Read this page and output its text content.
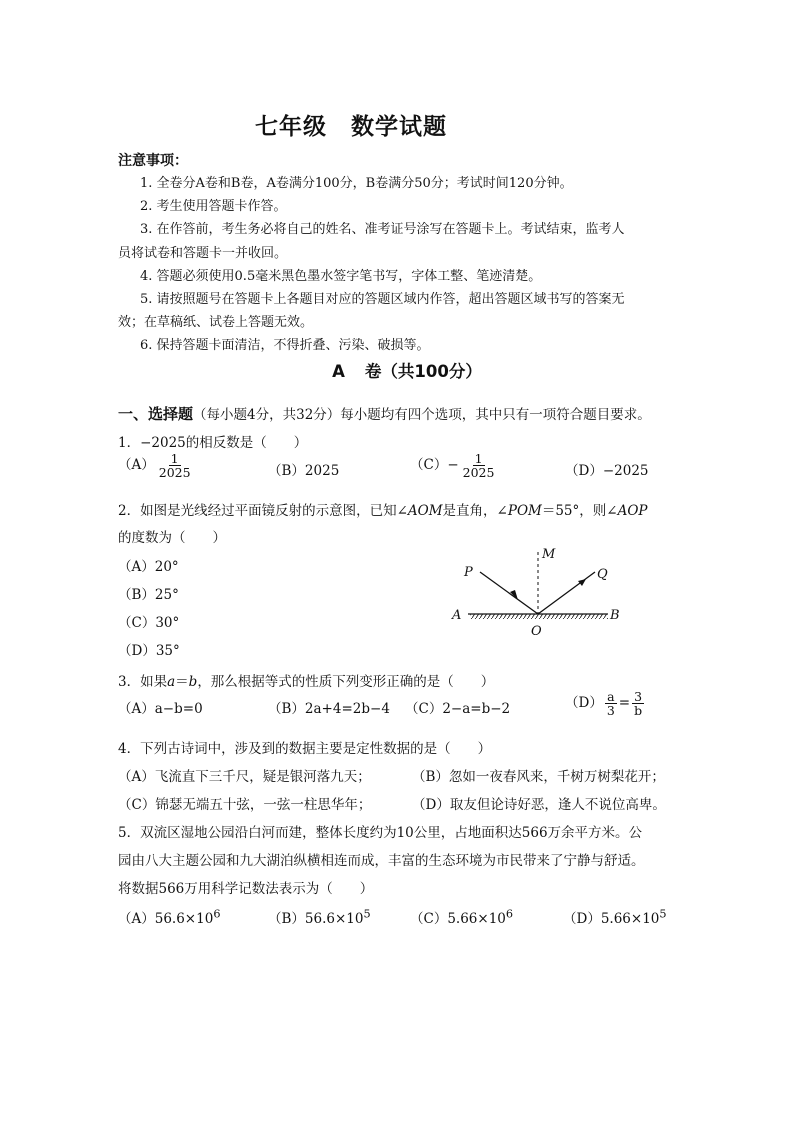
七年级　数学试题
注意事项：
1. 全卷分A卷和B卷，A卷满分100分，B卷满分50分；考试时间120分钟。
2. 考生使用答题卡作答。
3. 在作答前，考生务必将自己的姓名、准考证号涂写在答题卡上。考试结束，监考人
员将试卷和答题卡一并收回。
4. 答题必须使用0.5毫米黑色墨水签字笔书写，字体工整、笔迹清楚。
5. 请按照题号在答题卡上各题目对应的答题区域内作答，超出答题区域书写的答案无
效；在草稿纸、试卷上答题无效。
6. 保持答题卡面清洁，不得折叠、污染、破损等。
A 卷（共100分）
一、选择题（每小题4分，共32分）每小题均有四个选项，其中只有一项符合题目要求。
1．−2025的相反数是（　　）
$(A) \frac{1}{2025}$	（B）2025	$(C)- \frac{1}{2025}$	（D）−2025
2．如图是光线经过平面镜反射的示意图，已知∠AOM是直角，∠POM＝55°，则∠AOP
的度数为（　　）
（A）20°
（B）25°
（C）30°
（D）35°
P
M
Q
A	B
O
3．如果a＝b，那么根据等式的性质下列变形正确的是（　　）
（A）a−b=0	（B）2a+4=2b−4 （C）2−a=b−2	$(D) \frac{a}{3} = \frac{3}{b}$
4．下列古诗词中，涉及到的数据主要是定性数据的是（　　）
（A）飞流直下三千尺，疑是银河落九天；	（B）忽如一夜春风来，千树万树梨花开；
（C）锦瑟无端五十弦，一弦一柱思华年；	（D）取友但论诗好恶，逢人不说位高卑。
5．双流区湿地公园沿白河而建，整体长度约为10公里，占地面积达566万余平方米。公
园由八大主题公园和九大湖泊纵横相连而成，丰富的生态环境为市民带来了宁静与舒适。
将数据566万用科学记数法表示为（　　）
$(A)56.6\times 10^6$	$(B)56.6\times 10^5$	$(C)5.66\times 10^6$	$(D)5.66\times 10^5$
